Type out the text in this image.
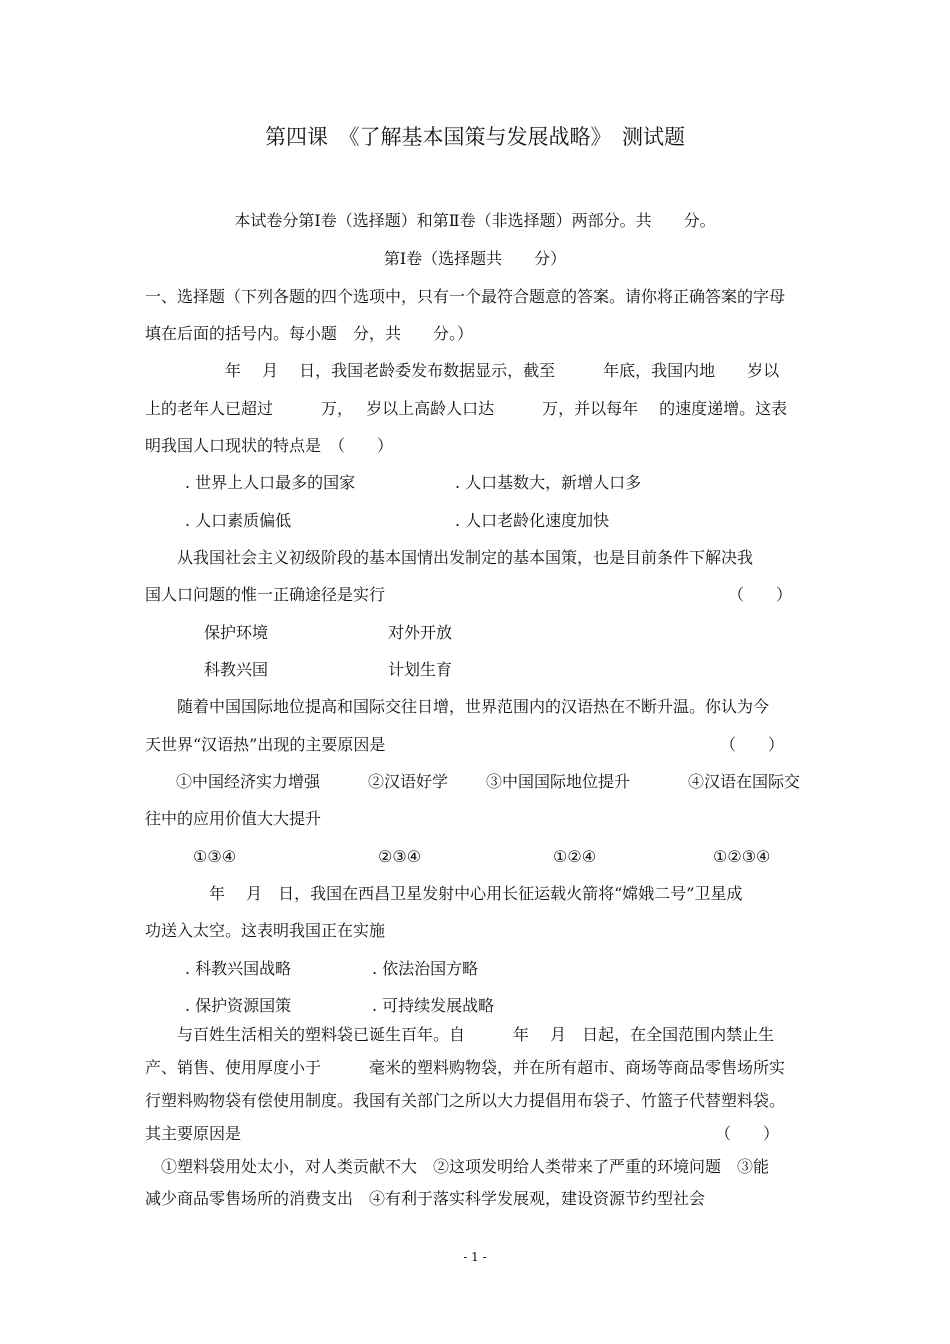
第四课　《了解基本国策与发展战略》　测试题

本试卷分第Ⅰ卷（选择题）和第Ⅱ卷（非选择题）两部分。共　　分。

第Ⅰ卷（选择题共　　分）

一、选择题（下列各题的四个选项中，只有一个最符合题意的答案。请你将正确答案的字母

填在后面的括号内。每小题　分，共　　分。）

　　　　　年　 月　 日，我国老龄委发布数据显示，截至　　　年底，我国内地　　岁以

上的老年人已超过　　　万，　 岁以上高龄人口达　　　万，并以每年　 的速度递增。这表

明我国人口现状的特点是　（　　）

. 世界上人口最多的国家	. 人口基数大，新增人口多
. 人口素质偏低	. 人口老龄化速度加快

　　从我国社会主义初级阶段的基本国情出发制定的基本国策，也是目前条件下解决我

国人口问题的惟一正确途径是实行	（　　）
保护环境	对外开放
科教兴国	计划生育

　　随着中国国际地位提高和国际交往日增，世界范围内的汉语热在不断升温。你认为今

天世界“汉语热”出现的主要原因是	（　　）
①中国经济实力增强	②汉语好学 ③中国国际地位提升	④汉语在国际交

往中的应用价值大大提升

①③④	②③④	①②④	①②③④

　　　　年　 月　日，我国在西昌卫星发射中心用长征运载火箭将“嫦娥二号”卫星成

功送入太空。这表明我国正在实施

. 科教兴国战略	. 依法治国方略
. 保护资源国策	. 可持续发展战略

　　与百姓生活相关的塑料袋已诞生百年。自　　　年　 月　日起，在全国范围内禁止生

产、销售、使用厚度小于　　　毫米的塑料购物袋，并在所有超市、商场等商品零售场所实

行塑料购物袋有偿使用制度。我国有关部门之所以大力提倡用布袋子、竹篮子代替塑料袋。

其主要原因是	（　　）

　①塑料袋用处太小，对人类贡献不大　②这项发明给人类带来了严重的环境问题　③能

减少商品零售场所的消费支出　④有利于落实科学发展观，建设资源节约型社会

- 1 -
